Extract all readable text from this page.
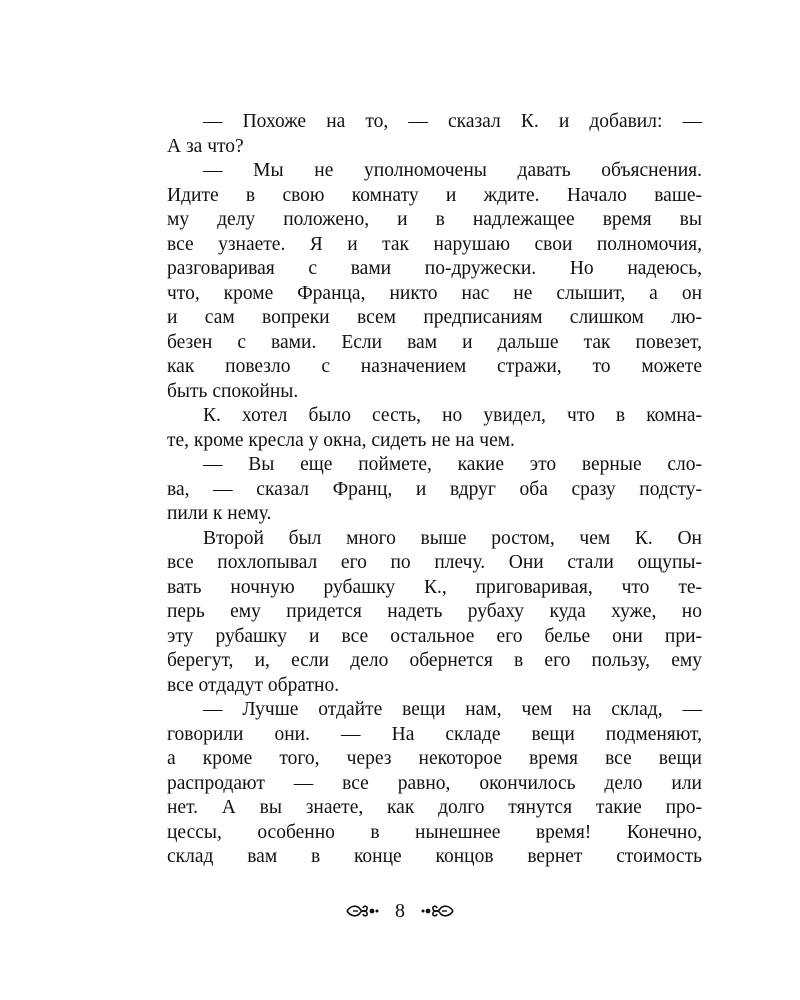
— Похоже на то, — сказал К. и добавил: —
А за что?
— Мы не уполномочены давать объяснения.
Идите в свою комнату и ждите. Начало ваше-
му делу положено, и в надлежащее время вы
все узнаете. Я и так нарушаю свои полномочия,
разговаривая с вами по-дружески. Но надеюсь,
что, кроме Франца, никто нас не слышит, а он
и сам вопреки всем предписаниям слишком лю-
безен с вами. Если вам и дальше так повезет,
как повезло с назначением стражи, то можете
быть спокойны.
К. хотел было сесть, но увидел, что в комна-
те, кроме кресла у окна, сидеть не на чем.
— Вы еще поймете, какие это верные сло-
ва, — сказал Франц, и вдруг оба сразу подсту-
пили к нему.
Второй был много выше ростом, чем К. Он
все похлопывал его по плечу. Они стали ощупы-
вать ночную рубашку К., приговаривая, что те-
перь ему придется надеть рубаху куда хуже, но
эту рубашку и все остальное его белье они при-
берегут, и, если дело обернется в его пользу, ему
все отдадут обратно.
— Лучше отдайте вещи нам, чем на склад, —
говорили они. — На складе вещи подменяют,
а кроме того, через некоторое время все вещи
распродают — все равно, окончилось дело или
нет. А вы знаете, как долго тянутся такие про-
цессы, особенно в нынешнее время! Конечно,
склад вам в конце концов вернет стоимость
8
